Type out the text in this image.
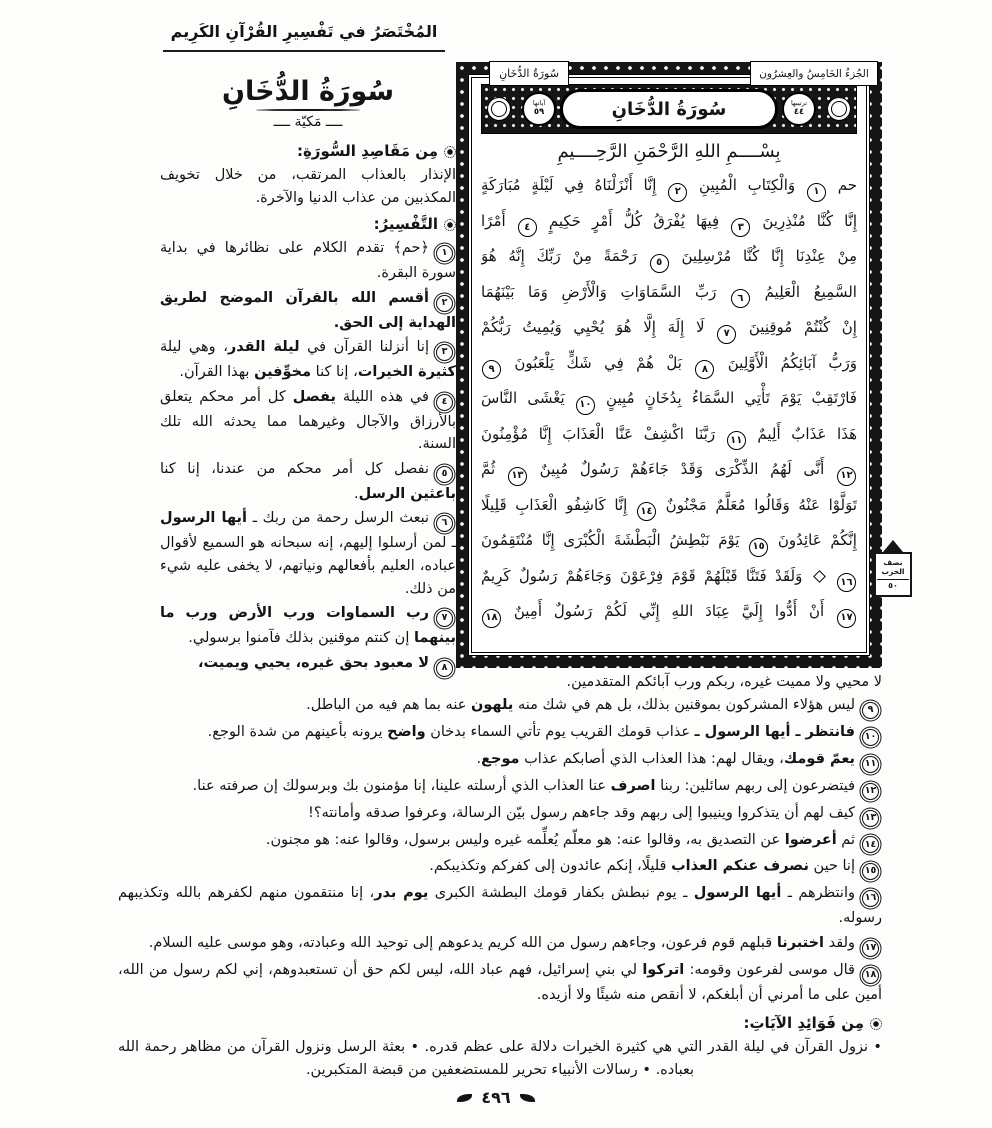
المُخْتَصَرُ في تَفْسِيرِ القُرْآنِ الكَرِيم
سُورَةُ الدُّخَانِ
ــــ مَكيّة ــــ
مِن مَقَاصِدِ السُّورَةِ:

الإنذار بالعذاب المرتقب، من خلال تخويف المكذبين من عذاب الدنيا والآخرة.

التَّفْسِيرُ:

١﴿حم﴾ تقدم الكلام على نظائرها في بداية سورة البقرة.

٢أقسم الله بالقرآن الموضح لطريق الهداية إلى الحق.

٣إنا أنزلنا القرآن في ليلة القدر، وهي ليلة كثيرة الخيرات، إنا كنا مخوِّفين بهذا القرآن.

٤في هذه الليلة يفصل كل أمر محكم يتعلق بالأرزاق والآجال وغيرهما مما يحدثه الله تلك السنة.

٥نفصل كل أمر محكم من عندنا، إنا كنا باعثين الرسل.

٦نبعث الرسل رحمة من ربك ـ أيها الرسول ـ لمن أرسلوا إليهم، إنه سبحانه هو السميع لأقوال عباده، العليم بأفعالهم ونياتهم، لا يخفى عليه شيء من ذلك.

٧رب السماوات ورب الأرض ورب ما بينهما إن كنتم موقنين بذلك فآمنوا برسولي.

٨لا معبود بحق غيره، يحيي ويميت،

سُورَةُ الدُّخَانِ	الجُزءُ الخَامِسُ والعِشرُون
آياتها
٥٩
ترتيبها
٤٤
سُورَةُ الدُّخَانِ
بِسْــــمِ اللهِ الرَّحْمَنِ الرَّحِــــيمِ
حم ١ وَالْكِتَابِ الْمُبِينِ ٢ إِنَّا أَنْزَلْنَاهُ فِي لَيْلَةٍ مُبَارَكَةٍ
إِنَّا كُنَّا مُنْذِرِينَ ٣ فِيهَا يُفْرَقُ كُلُّ أَمْرٍ حَكِيمٍ ٤ أَمْرًا
مِنْ عِنْدِنَا إِنَّا كُنَّا مُرْسِلِينَ ٥ رَحْمَةً مِنْ رَبِّكَ إِنَّهُ هُوَ
السَّمِيعُ الْعَلِيمُ ٦ رَبِّ السَّمَاوَاتِ وَالْأَرْضِ وَمَا بَيْنَهُمَا
إِنْ كُنْتُمْ مُوقِنِينَ ٧ لَا إِلَهَ إِلَّا هُوَ يُحْيِي وَيُمِيتُ رَبُّكُمْ
وَرَبُّ آبَائِكُمُ الْأَوَّلِينَ ٨ بَلْ هُمْ فِي شَكٍّ يَلْعَبُونَ ٩
فَارْتَقِبْ يَوْمَ تَأْتِي السَّمَاءُ بِدُخَانٍ مُبِينٍ ١٠ يَغْشَى النَّاسَ
هَذَا عَذَابٌ أَلِيمٌ ١١ رَبَّنَا اكْشِفْ عَنَّا الْعَذَابَ إِنَّا مُؤْمِنُونَ
١٢ أَنَّى لَهُمُ الذِّكْرَى وَقَدْ جَاءَهُمْ رَسُولٌ مُبِينٌ ١٣ ثُمَّ
تَوَلَّوْا عَنْهُ وَقَالُوا مُعَلَّمٌ مَجْنُونٌ ١٤ إِنَّا كَاشِفُو الْعَذَابِ قَلِيلًا
إِنَّكُمْ عَائِدُونَ ١٥ يَوْمَ نَبْطِشُ الْبَطْشَةَ الْكُبْرَى إِنَّا مُنْتَقِمُونَ
١٦  وَلَقَدْ فَتَنَّا قَبْلَهُمْ قَوْمَ فِرْعَوْنَ وَجَاءَهُمْ رَسُولٌ كَرِيمٌ
١٧ أَنْ أَدُّوا إِلَيَّ عِبَادَ اللهِ إِنِّي لَكُمْ رَسُولٌ أَمِينٌ ١٨
نصف
الحزب
٥٠

لا محيي ولا مميت غيره، ربكم ورب آبائكم المتقدمين.

٩ليس هؤلاء المشركون بموقنين بذلك، بل هم في شك منه يلهون عنه بما هم فيه من الباطل.

١٠فانتظر ـ أيها الرسول ـ عذاب قومك القريب يوم تأتي السماء بدخان واضح يرونه بأعينهم من شدة الوجع.

١١يعمّ قومك، ويقال لهم: هذا العذاب الذي أصابكم عذاب موجع.

١٢فيتضرعون إلى ربهم سائلين: ربنا اصرف عنا العذاب الذي أرسلته علينا، إنا مؤمنون بك وبرسولك إن صرفته عنا.

١٣كيف لهم أن يتذكروا وينيبوا إلى ربهم وقد جاءهم رسول بيّن الرسالة، وعرفوا صدقه وأمانته؟!

١٤ثم أعرضوا عن التصديق به، وقالوا عنه: هو معلّم يُعلِّمه غيره وليس برسول، وقالوا عنه: هو مجنون.

١٥إنا حين نصرف عنكم العذاب قليلًا، إنكم عائدون إلى كفركم وتكذيبكم.

١٦وانتظرهم ـ أيها الرسول ـ يوم نبطش بكفار قومك البطشة الكبرى يوم بدر، إنا منتقمون منهم لكفرهم بالله وتكذيبهم رسوله.

١٧ولقد اختبرنا قبلهم قوم فرعون، وجاءهم رسول من الله كريم يدعوهم إلى توحيد الله وعبادته، وهو موسى عليه السلام.

١٨قال موسى لفرعون وقومه: اتركوا لي بني إسرائيل، فهم عباد الله، ليس لكم حق أن تستعبدوهم، إني لكم رسول من الله، أمين على ما أمرني أن أبلغكم، لا أنقص منه شيئًا ولا أزيده.

مِن فَوَائِدِ الآيَاتِ:

• نزول القرآن في ليلة القدر التي هي كثيرة الخيرات دلالة على عظم قدره. • بعثة الرسل ونزول القرآن من مظاهر رحمة الله بعباده. • رسالات الأنبياء تحرير للمستضعفين من قبضة المتكبرين.

٤٩٦
